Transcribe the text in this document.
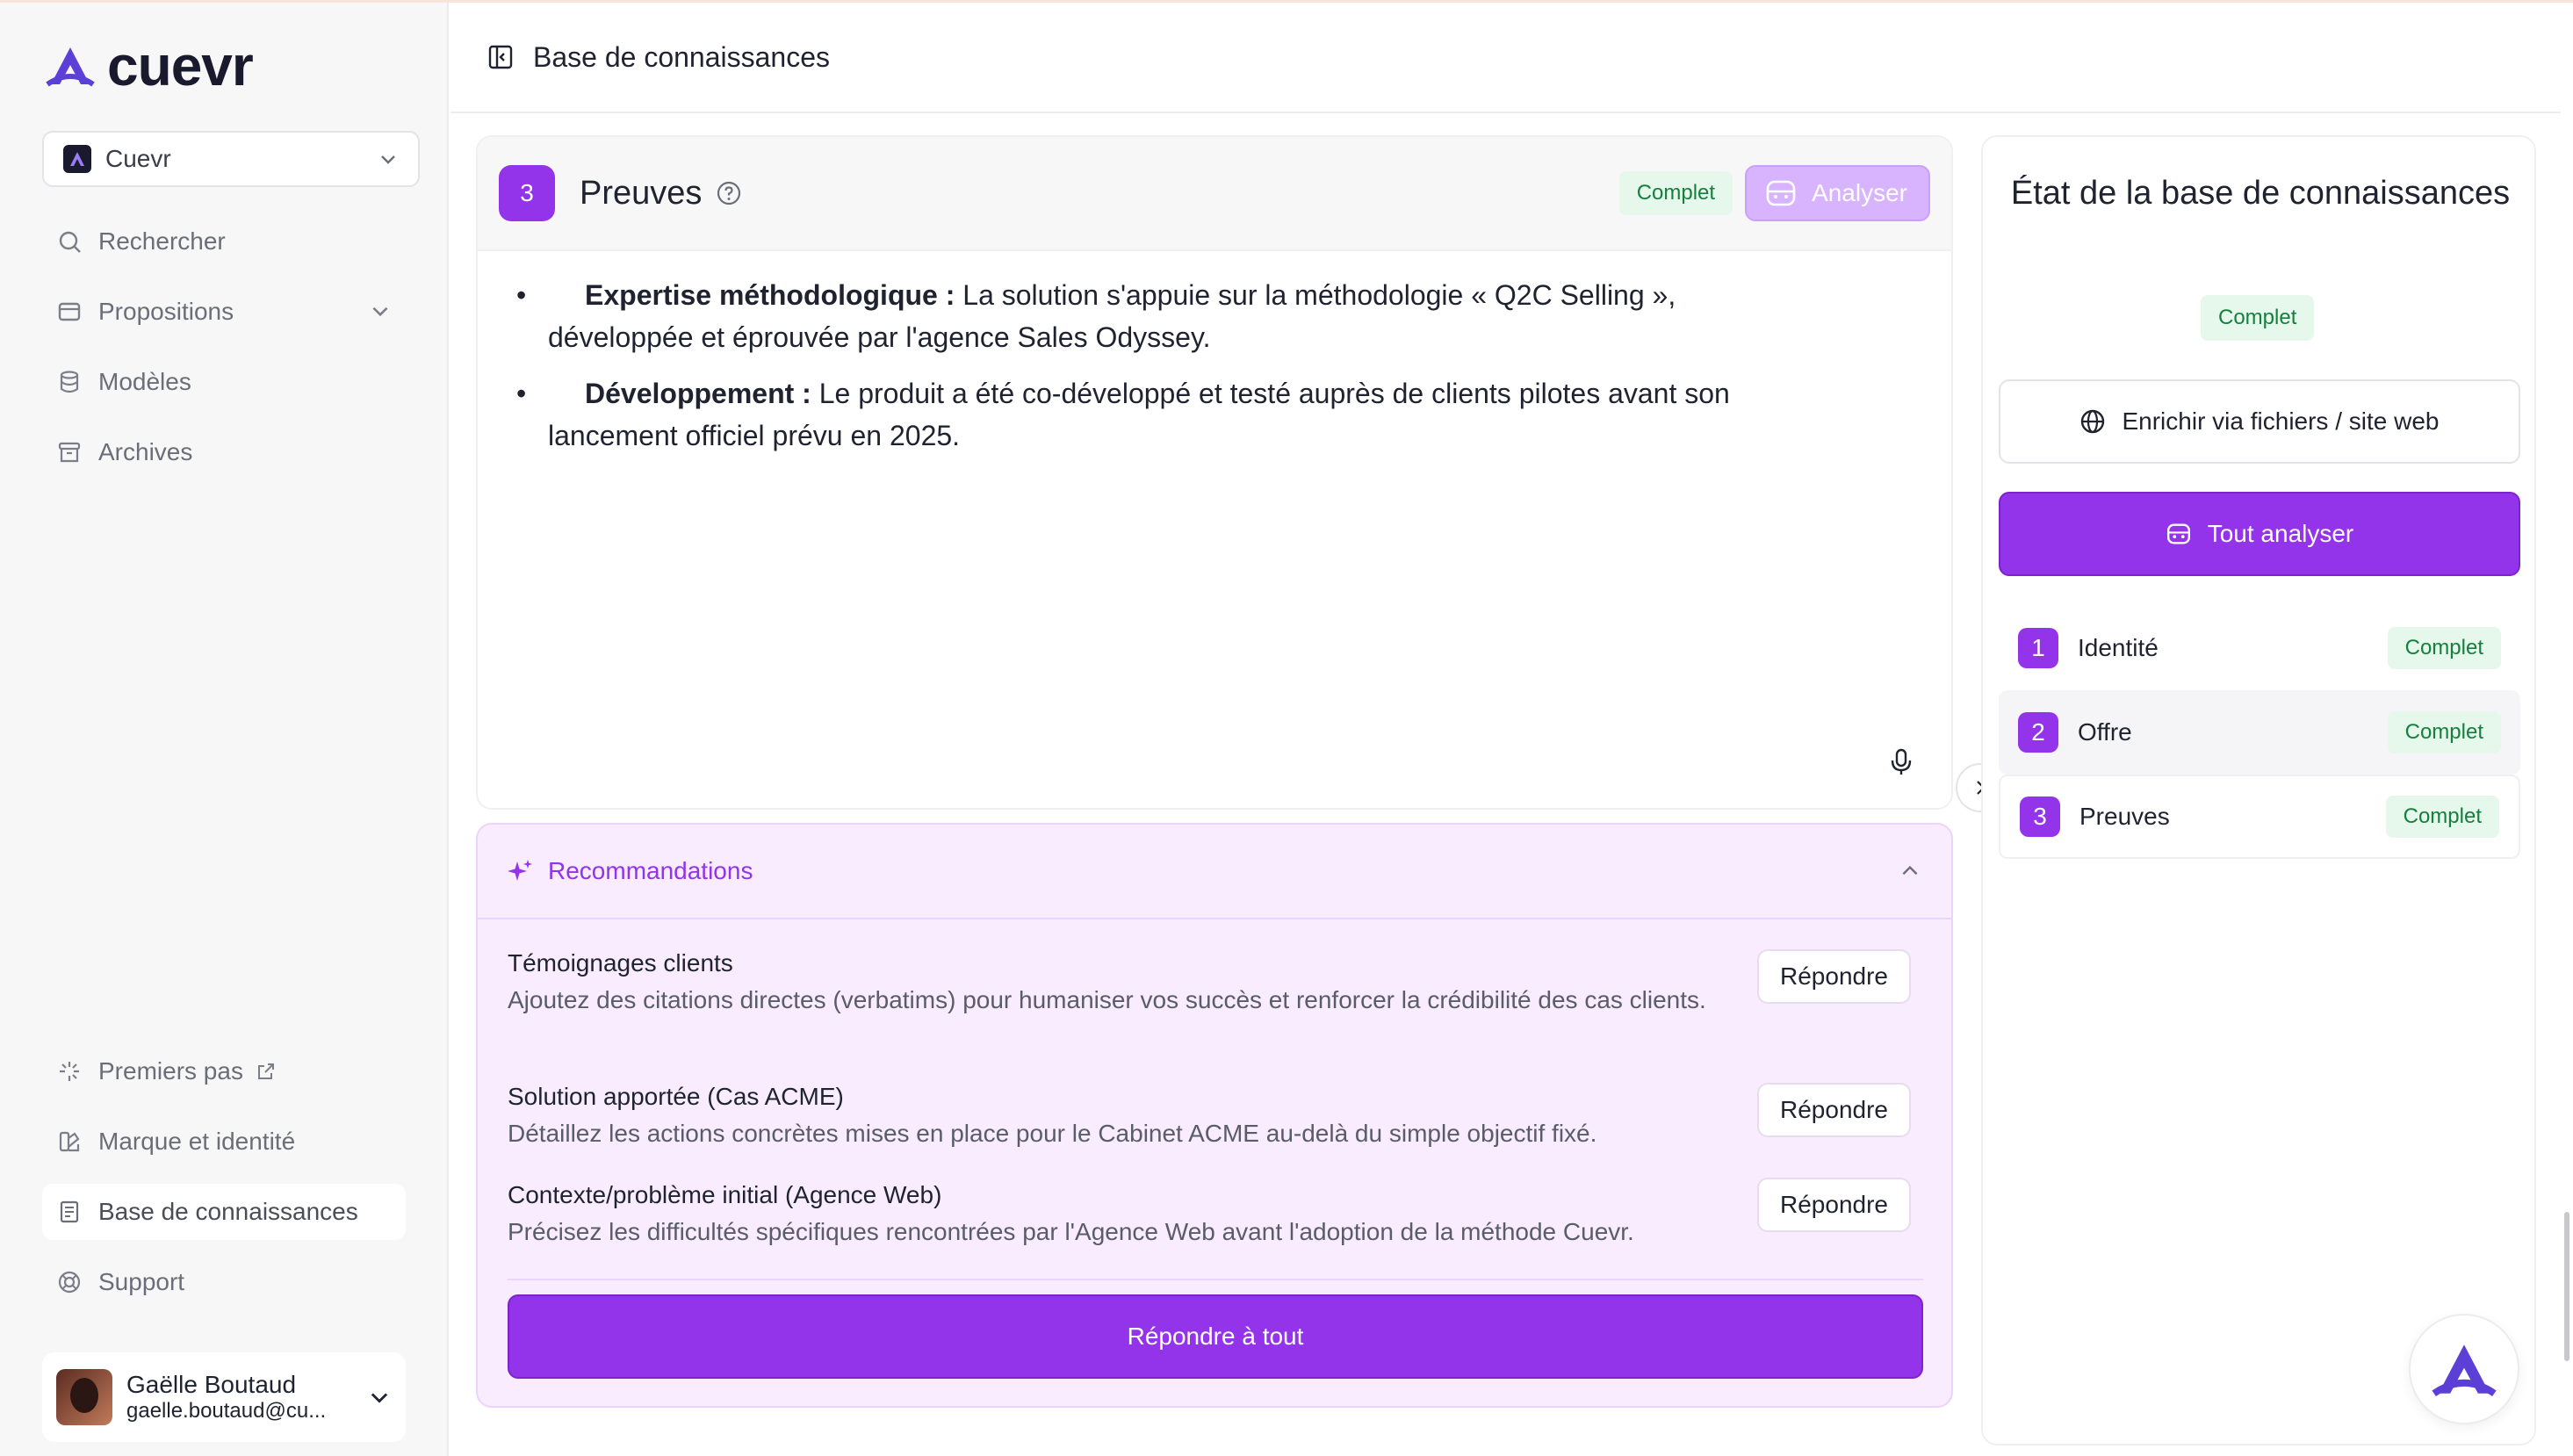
cuevr
Cuevr
Rechercher
Propositions
Modèles
Archives
Premiers pas
Marque et identité
Base de connaissances
Support
Gaëlle Boutaud
gaelle.boutaud@cu...
Base de connaissances
3	Preuves	Complet	Analyser
• Expertise méthodologique : La solution s'appuie sur la méthodologie « Q2C Selling », développée et éprouvée par l'agence Sales Odyssey.
• Développement : Le produit a été co-développé et testé auprès de clients pilotes avant son lancement officiel prévu en 2025.
Recommandations
Témoignages clients
Ajoutez des citations directes (verbatims) pour humaniser vos succès et renforcer la crédibilité des cas clients.
Répondre
Solution apportée (Cas ACME)
Détaillez les actions concrètes mises en place pour le Cabinet ACME au-delà du simple objectif fixé.
Répondre
Contexte/problème initial (Agence Web)
Précisez les difficultés spécifiques rencontrées par l'Agence Web avant l'adoption de la méthode Cuevr.
Répondre
Répondre à tout
État de la base de connaissances
Complet
Enrichir via fichiers / site web
Tout analyser
1	Identité	Complet
2	Offre	Complet
3	Preuves	Complet
